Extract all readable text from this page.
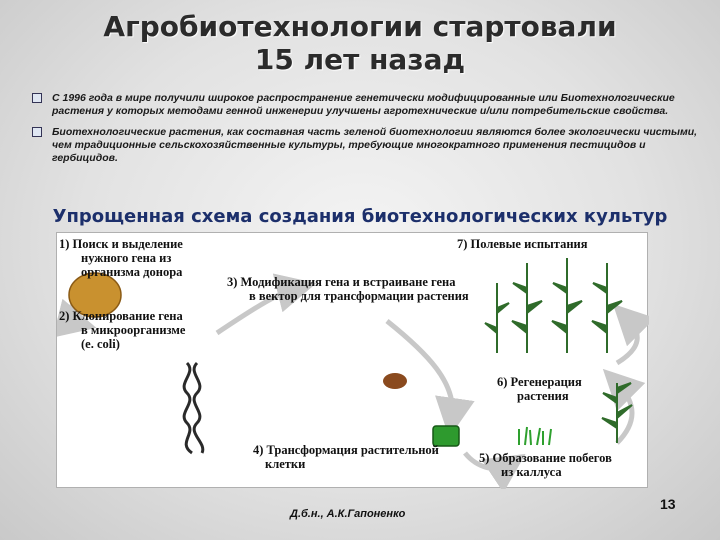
Агробиотехнологии стартовали
15 лет назад
С 1996 года в мире получили широкое распространение генетически модифицированные или Биотехнологические растения у которых методами генной инженерии улучшены агротехнические и/или потребительские свойства.
Биотехнологические растения, как составная часть зеленой биотехнологии являются более экологически чистыми, чем традиционные сельскохозяйственные культуры, требующие многократного применения пестицидов и гербицидов.
Упрощенная схема создания биотехнологических культур
1) Поиск и выделение
нужного гена из
организма донора
2) Клонирование гена
в микроорганизме
(e. coli)
3) Модификация гена и встраиване гена
в вектор для трансформации растения
4) Трансформация растительной
клетки	5) Образование побегов
из каллуса
6) Регенерация
растения
7) Полевые испытания
Д.б.н., А.К.Гапоненко
13
